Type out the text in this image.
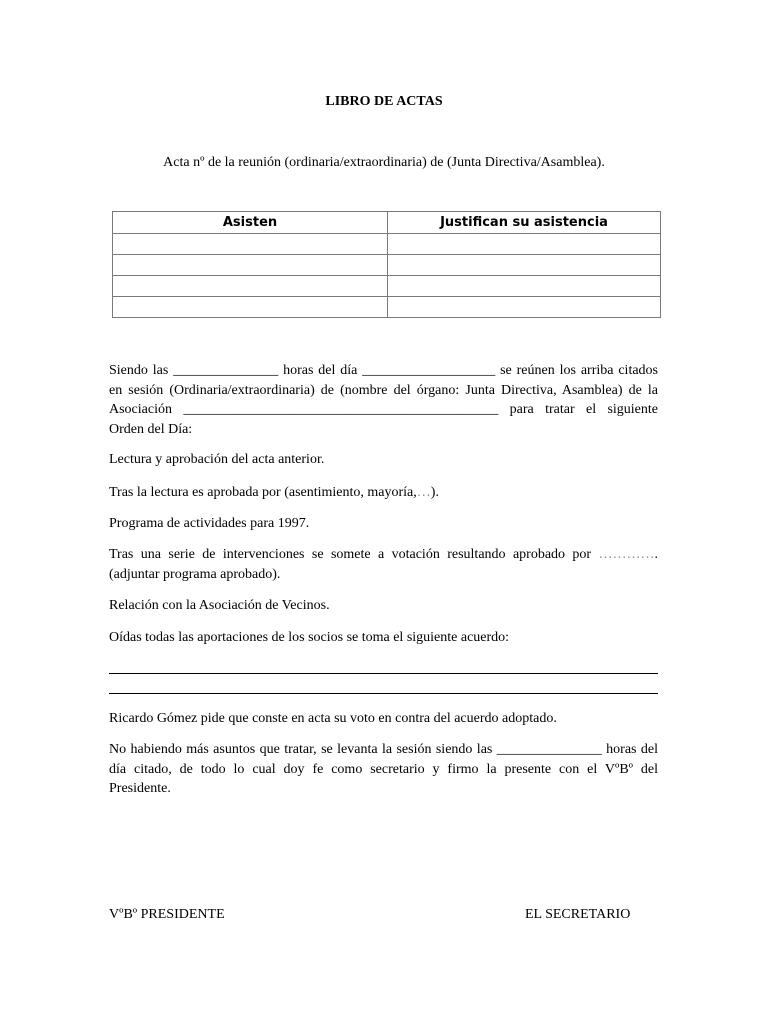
LIBRO DE ACTAS
Acta nº de la reunión (ordinaria/extraordinaria) de (Junta Directiva/Asamblea).
Asisten	Justifican su asistencia

Siendo las _______________ horas del día ___________________ se reúnen los arriba citados en sesión (Ordinaria/extraordinaria) de (nombre del órgano: Junta Directiva, Asamblea) de la Asociación _____________________________________________ para tratar el siguiente

Orden del Día:

Lectura y aprobación del acta anterior.
Tras la lectura es aprobada por (asentimiento, mayoría,…).
Programa de actividades para 1997.

Tras una serie de intervenciones se somete a votación resultando aprobado por ………….

(adjuntar programa aprobado).

Relación con la Asociación de Vecinos.
Oídas todas las aportaciones de los socios se toma el siguiente acuerdo:
Ricardo Gómez pide que conste en acta su voto en contra del acuerdo adoptado.

No habiendo más asuntos que tratar, se levanta la sesión siendo las _______________ horas del día citado, de todo lo cual doy fe como secretario y firmo la presente con el VºBº del

Presidente.

VºBº PRESIDENTE	EL SECRETARIO
